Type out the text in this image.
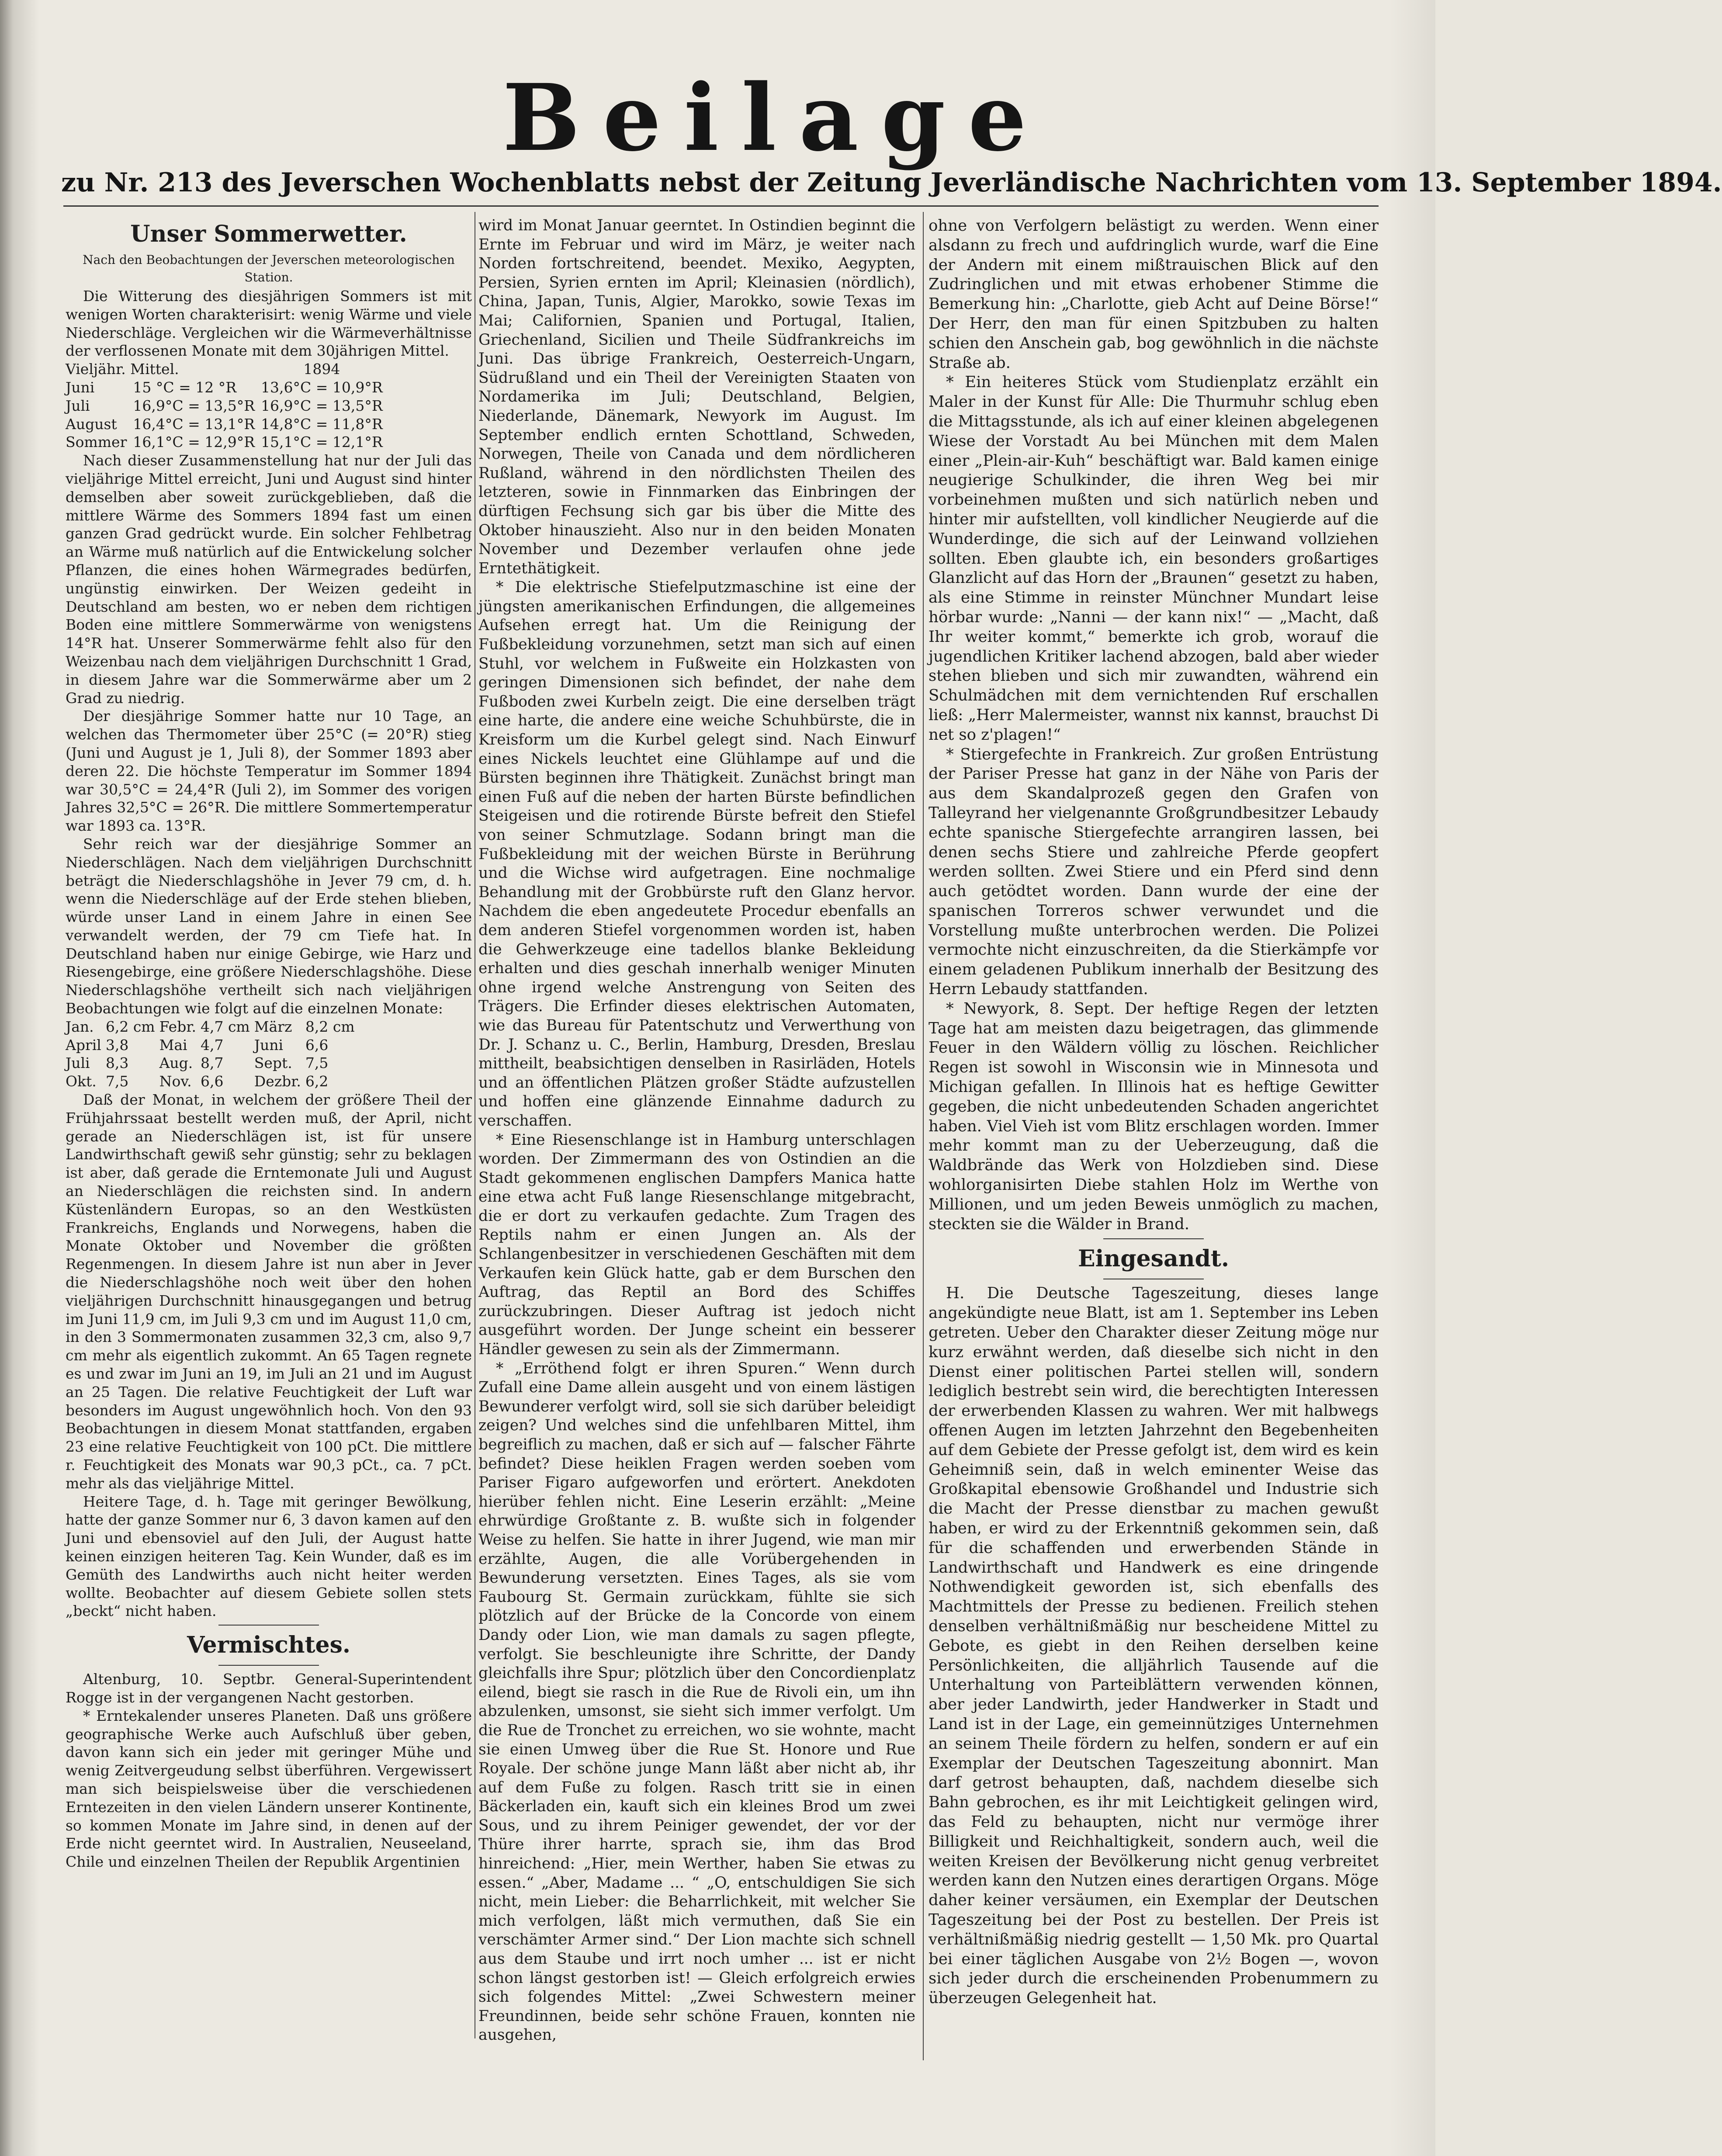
Beilage
zu Nr. 213 des Jeverschen Wochenblatts nebst der Zeitung Jeverländische Nachrichten vom 13. September 1894.
Unser Sommerwetter.
Nach den Beobachtungen der Jeverschen meteorologischen Station.

Die Witterung des diesjährigen Sommers ist mit wenigen Worten charakterisirt: wenig Wärme und viele Niederschläge. Vergleichen wir die Wärmeverhältnisse der verflossenen Monate mit dem 30jährigen Mittel.

Vieljähr. Mittel.		1894
Juni	15 °C = 12 °R	13,6°C = 10,9°R
Juli	16,9°C = 13,5°R	16,9°C = 13,5°R
August	16,4°C = 13,1°R	14,8°C = 11,8°R
Sommer	16,1°C = 12,9°R	15,1°C = 12,1°R

Nach dieser Zusammenstellung hat nur der Juli das vieljährige Mittel erreicht, Juni und August sind hinter demselben aber soweit zurückgeblieben, daß die mittlere Wärme des Sommers 1894 fast um einen ganzen Grad gedrückt wurde. Ein solcher Fehlbetrag an Wärme muß natürlich auf die Entwickelung solcher Pflanzen, die eines hohen Wärmegrades bedürfen, ungünstig einwirken. Der Weizen gedeiht in Deutschland am besten, wo er neben dem richtigen Boden eine mittlere Sommerwärme von wenigstens 14°R hat. Unserer Sommerwärme fehlt also für den Weizenbau nach dem vieljährigen Durchschnitt 1 Grad, in diesem Jahre war die Sommerwärme aber um 2 Grad zu niedrig.

Der diesjährige Sommer hatte nur 10 Tage, an welchen das Thermometer über 25°C (= 20°R) stieg (Juni und August je 1, Juli 8), der Sommer 1893 aber deren 22. Die höchste Temperatur im Sommer 1894 war 30,5°C = 24,4°R (Juli 2), im Sommer des vorigen Jahres 32,5°C = 26°R. Die mittlere Sommertemperatur war 1893 ca. 13°R.

Sehr reich war der diesjährige Sommer an Niederschlägen. Nach dem vieljährigen Durchschnitt beträgt die Niederschlagshöhe in Jever 79 cm, d. h. wenn die Niederschläge auf der Erde stehen blieben, würde unser Land in einem Jahre in einen See verwandelt werden, der 79 cm Tiefe hat. In Deutschland haben nur einige Gebirge, wie Harz und Riesengebirge, eine größere Niederschlagshöhe. Diese Niederschlagshöhe vertheilt sich nach vieljährigen Beobachtungen wie folgt auf die einzelnen Monate:

Jan.	6,2 cm	Febr.	4,7 cm	März	8,2 cm
April	3,8	Mai	4,7	Juni	6,6
Juli	8,3	Aug.	8,7	Sept.	7,5
Okt.	7,5	Nov.	6,6	Dezbr.	6,2

Daß der Monat, in welchem der größere Theil der Frühjahrssaat bestellt werden muß, der April, nicht gerade an Niederschlägen ist, ist für unsere Landwirthschaft gewiß sehr günstig; sehr zu beklagen ist aber, daß gerade die Erntemonate Juli und August an Niederschlägen die reichsten sind. In andern Küstenländern Europas, so an den Westküsten Frankreichs, Englands und Norwegens, haben die Monate Oktober und November die größten Regenmengen. In diesem Jahre ist nun aber in Jever die Niederschlagshöhe noch weit über den hohen vieljährigen Durchschnitt hinausgegangen und betrug im Juni 11,9 cm, im Juli 9,3 cm und im August 11,0 cm, in den 3 Sommermonaten zusammen 32,3 cm, also 9,7 cm mehr als eigentlich zukommt. An 65 Tagen regnete es und zwar im Juni an 19, im Juli an 21 und im August an 25 Tagen. Die relative Feuchtigkeit der Luft war besonders im August ungewöhnlich hoch. Von den 93 Beobachtungen in diesem Monat stattfanden, ergaben 23 eine relative Feuchtigkeit von 100 pCt. Die mittlere r. Feuchtigkeit des Monats war 90,3 pCt., ca. 7 pCt. mehr als das vieljährige Mittel.

Heitere Tage, d. h. Tage mit geringer Bewölkung, hatte der ganze Sommer nur 6, 3 davon kamen auf den Juni und ebensoviel auf den Juli, der August hatte keinen einzigen heiteren Tag. Kein Wunder, daß es im Gemüth des Landwirths auch nicht heiter werden wollte. Beobachter auf diesem Gebiete sollen stets „beckt“ nicht haben.

Vermischtes.

Altenburg, 10. Septbr. General-Superintendent Rogge ist in der vergangenen Nacht gestorben.

* Erntekalender unseres Planeten. Daß uns größere geographische Werke auch Aufschluß über geben, davon kann sich ein jeder mit geringer Mühe und wenig Zeitvergeudung selbst überführen. Vergewissert man sich beispielsweise über die verschiedenen Erntezeiten in den vielen Ländern unserer Kontinente, so kommen Monate im Jahre sind, in denen auf der Erde nicht geerntet wird. In Australien, Neuseeland, Chile und einzelnen Theilen der Republik Argentinien

wird im Monat Januar geerntet. In Ostindien beginnt die Ernte im Februar und wird im März, je weiter nach Norden fortschreitend, beendet. Mexiko, Aegypten, Persien, Syrien ernten im April; Kleinasien (nördlich), China, Japan, Tunis, Algier, Marokko, sowie Texas im Mai; Californien, Spanien und Portugal, Italien, Griechenland, Sicilien und Theile Südfrankreichs im Juni. Das übrige Frankreich, Oesterreich-Ungarn, Südrußland und ein Theil der Vereinigten Staaten von Nordamerika im Juli; Deutschland, Belgien, Niederlande, Dänemark, Newyork im August. Im September endlich ernten Schottland, Schweden, Norwegen, Theile von Canada und dem nördlicheren Rußland, während in den nördlichsten Theilen des letzteren, sowie in Finnmarken das Einbringen der dürftigen Fechsung sich gar bis über die Mitte des Oktober hinauszieht. Also nur in den beiden Monaten November und Dezember verlaufen ohne jede Erntethätigkeit.

* Die elektrische Stiefelputzmaschine ist eine der jüngsten amerikanischen Erfindungen, die allgemeines Aufsehen erregt hat. Um die Reinigung der Fußbekleidung vorzunehmen, setzt man sich auf einen Stuhl, vor welchem in Fußweite ein Holzkasten von geringen Dimensionen sich befindet, der nahe dem Fußboden zwei Kurbeln zeigt. Die eine derselben trägt eine harte, die andere eine weiche Schuhbürste, die in Kreisform um die Kurbel gelegt sind. Nach Einwurf eines Nickels leuchtet eine Glühlampe auf und die Bürsten beginnen ihre Thätigkeit. Zunächst bringt man einen Fuß auf die neben der harten Bürste befindlichen Steigeisen und die rotirende Bürste befreit den Stiefel von seiner Schmutzlage. Sodann bringt man die Fußbekleidung mit der weichen Bürste in Berührung und die Wichse wird aufgetragen. Eine nochmalige Behandlung mit der Grobbürste ruft den Glanz hervor. Nachdem die eben angedeutete Procedur ebenfalls an dem anderen Stiefel vorgenommen worden ist, haben die Gehwerkzeuge eine tadellos blanke Bekleidung erhalten und dies geschah innerhalb weniger Minuten ohne irgend welche Anstrengung von Seiten des Trägers. Die Erfinder dieses elektrischen Automaten, wie das Bureau für Patentschutz und Verwerthung von Dr. J. Schanz u. C., Berlin, Hamburg, Dresden, Breslau mittheilt, beabsichtigen denselben in Rasirläden, Hotels und an öffentlichen Plätzen großer Städte aufzustellen und hoffen eine glänzende Einnahme dadurch zu verschaffen.

* Eine Riesenschlange ist in Hamburg unterschlagen worden. Der Zimmermann des von Ostindien an die Stadt gekommenen englischen Dampfers Manica hatte eine etwa acht Fuß lange Riesenschlange mitgebracht, die er dort zu verkaufen gedachte. Zum Tragen des Reptils nahm er einen Jungen an. Als der Schlangenbesitzer in verschiedenen Geschäften mit dem Verkaufen kein Glück hatte, gab er dem Burschen den Auftrag, das Reptil an Bord des Schiffes zurückzubringen. Dieser Auftrag ist jedoch nicht ausgeführt worden. Der Junge scheint ein besserer Händler gewesen zu sein als der Zimmermann.

* „Erröthend folgt er ihren Spuren.“ Wenn durch Zufall eine Dame allein ausgeht und von einem lästigen Bewunderer verfolgt wird, soll sie sich darüber beleidigt zeigen? Und welches sind die unfehlbaren Mittel, ihm begreiflich zu machen, daß er sich auf — falscher Fährte befindet? Diese heiklen Fragen werden soeben vom Pariser Figaro aufgeworfen und erörtert. Anekdoten hierüber fehlen nicht. Eine Leserin erzählt: „Meine ehrwürdige Großtante z. B. wußte sich in folgender Weise zu helfen. Sie hatte in ihrer Jugend, wie man mir erzählte, Augen, die alle Vorübergehenden in Bewunderung versetzten. Eines Tages, als sie vom Faubourg St. Germain zurückkam, fühlte sie sich plötzlich auf der Brücke de la Concorde von einem Dandy oder Lion, wie man damals zu sagen pflegte, verfolgt. Sie beschleunigte ihre Schritte, der Dandy gleichfalls ihre Spur; plötzlich über den Concordienplatz eilend, biegt sie rasch in die Rue de Rivoli ein, um ihn abzulenken, umsonst, sie sieht sich immer verfolgt. Um die Rue de Tronchet zu erreichen, wo sie wohnte, macht sie einen Umweg über die Rue St. Honore und Rue Royale. Der schöne junge Mann läßt aber nicht ab, ihr auf dem Fuße zu folgen. Rasch tritt sie in einen Bäckerladen ein, kauft sich ein kleines Brod um zwei Sous, und zu ihrem Peiniger gewendet, der vor der Thüre ihrer harrte, sprach sie, ihm das Brod hinreichend: „Hier, mein Werther, haben Sie etwas zu essen.“ „Aber, Madame ... “ „O, entschuldigen Sie sich nicht, mein Lieber: die Beharrlichkeit, mit welcher Sie mich verfolgen, läßt mich vermuthen, daß Sie ein verschämter Armer sind.“ Der Lion machte sich schnell aus dem Staube und irrt noch umher ... ist er nicht schon längst gestorben ist! — Gleich erfolgreich erwies sich folgendes Mittel: „Zwei Schwestern meiner Freundinnen, beide sehr schöne Frauen, konnten nie ausgehen,

ohne von Verfolgern belästigt zu werden. Wenn einer alsdann zu frech und aufdringlich wurde, warf die Eine der Andern mit einem mißtrauischen Blick auf den Zudringlichen und mit etwas erhobener Stimme die Bemerkung hin: „Charlotte, gieb Acht auf Deine Börse!“ Der Herr, den man für einen Spitzbuben zu halten schien den Anschein gab, bog gewöhnlich in die nächste Straße ab.

* Ein heiteres Stück vom Studienplatz erzählt ein Maler in der Kunst für Alle: Die Thurmuhr schlug eben die Mittagsstunde, als ich auf einer kleinen abgelegenen Wiese der Vorstadt Au bei München mit dem Malen einer „Plein-air-Kuh“ beschäftigt war. Bald kamen einige neugierige Schulkinder, die ihren Weg bei mir vorbeinehmen mußten und sich natürlich neben und hinter mir aufstellten, voll kindlicher Neugierde auf die Wunderdinge, die sich auf der Leinwand vollziehen sollten. Eben glaubte ich, ein besonders großartiges Glanzlicht auf das Horn der „Braunen“ gesetzt zu haben, als eine Stimme in reinster Münchner Mundart leise hörbar wurde: „Nanni — der kann nix!“ — „Macht, daß Ihr weiter kommt,“ bemerkte ich grob, worauf die jugendlichen Kritiker lachend abzogen, bald aber wieder stehen blieben und sich mir zuwandten, während ein Schulmädchen mit dem vernichtenden Ruf erschallen ließ: „Herr Malermeister, wannst nix kannst, brauchst Di net so z'plagen!“

* Stiergefechte in Frankreich. Zur großen Entrüstung der Pariser Presse hat ganz in der Nähe von Paris der aus dem Skandalprozeß gegen den Grafen von Talleyrand her vielgenannte Großgrundbesitzer Lebaudy echte spanische Stiergefechte arrangiren lassen, bei denen sechs Stiere und zahlreiche Pferde geopfert werden sollten. Zwei Stiere und ein Pferd sind denn auch getödtet worden. Dann wurde der eine der spanischen Torreros schwer verwundet und die Vorstellung mußte unterbrochen werden. Die Polizei vermochte nicht einzuschreiten, da die Stierkämpfe vor einem geladenen Publikum innerhalb der Besitzung des Herrn Lebaudy stattfanden.

* Newyork, 8. Sept. Der heftige Regen der letzten Tage hat am meisten dazu beigetragen, das glimmende Feuer in den Wäldern völlig zu löschen. Reichlicher Regen ist sowohl in Wisconsin wie in Minnesota und Michigan gefallen. In Illinois hat es heftige Gewitter gegeben, die nicht unbedeutenden Schaden angerichtet haben. Viel Vieh ist vom Blitz erschlagen worden. Immer mehr kommt man zu der Ueberzeugung, daß die Waldbrände das Werk von Holzdieben sind. Diese wohlorganisirten Diebe stahlen Holz im Werthe von Millionen, und um jeden Beweis unmöglich zu machen, steckten sie die Wälder in Brand.

Eingesandt.

H. Die Deutsche Tageszeitung, dieses lange angekündigte neue Blatt, ist am 1. September ins Leben getreten. Ueber den Charakter dieser Zeitung möge nur kurz erwähnt werden, daß dieselbe sich nicht in den Dienst einer politischen Partei stellen will, sondern lediglich bestrebt sein wird, die berechtigten Interessen der erwerbenden Klassen zu wahren. Wer mit halbwegs offenen Augen im letzten Jahrzehnt den Begebenheiten auf dem Gebiete der Presse gefolgt ist, dem wird es kein Geheimniß sein, daß in welch eminenter Weise das Großkapital ebensowie Großhandel und Industrie sich die Macht der Presse dienstbar zu machen gewußt haben, er wird zu der Erkenntniß gekommen sein, daß für die schaffenden und erwerbenden Stände in Landwirthschaft und Handwerk es eine dringende Nothwendigkeit geworden ist, sich ebenfalls des Machtmittels der Presse zu bedienen. Freilich stehen denselben verhältnißmäßig nur bescheidene Mittel zu Gebote, es giebt in den Reihen derselben keine Persönlichkeiten, die alljährlich Tausende auf die Unterhaltung von Parteiblättern verwenden können, aber jeder Landwirth, jeder Handwerker in Stadt und Land ist in der Lage, ein gemeinnütziges Unternehmen an seinem Theile fördern zu helfen, sondern er auf ein Exemplar der Deutschen Tageszeitung abonnirt. Man darf getrost behaupten, daß, nachdem dieselbe sich Bahn gebrochen, es ihr mit Leichtigkeit gelingen wird, das Feld zu behaupten, nicht nur vermöge ihrer Billigkeit und Reichhaltigkeit, sondern auch, weil die weiten Kreisen der Bevölkerung nicht genug verbreitet werden kann den Nutzen eines derartigen Organs. Möge daher keiner versäumen, ein Exemplar der Deutschen Tageszeitung bei der Post zu bestellen. Der Preis ist verhältnißmäßig niedrig gestellt — 1,50 Mk. pro Quartal bei einer täglichen Ausgabe von 2½ Bogen —, wovon sich jeder durch die erscheinenden Probenummern zu überzeugen Gelegenheit hat.
